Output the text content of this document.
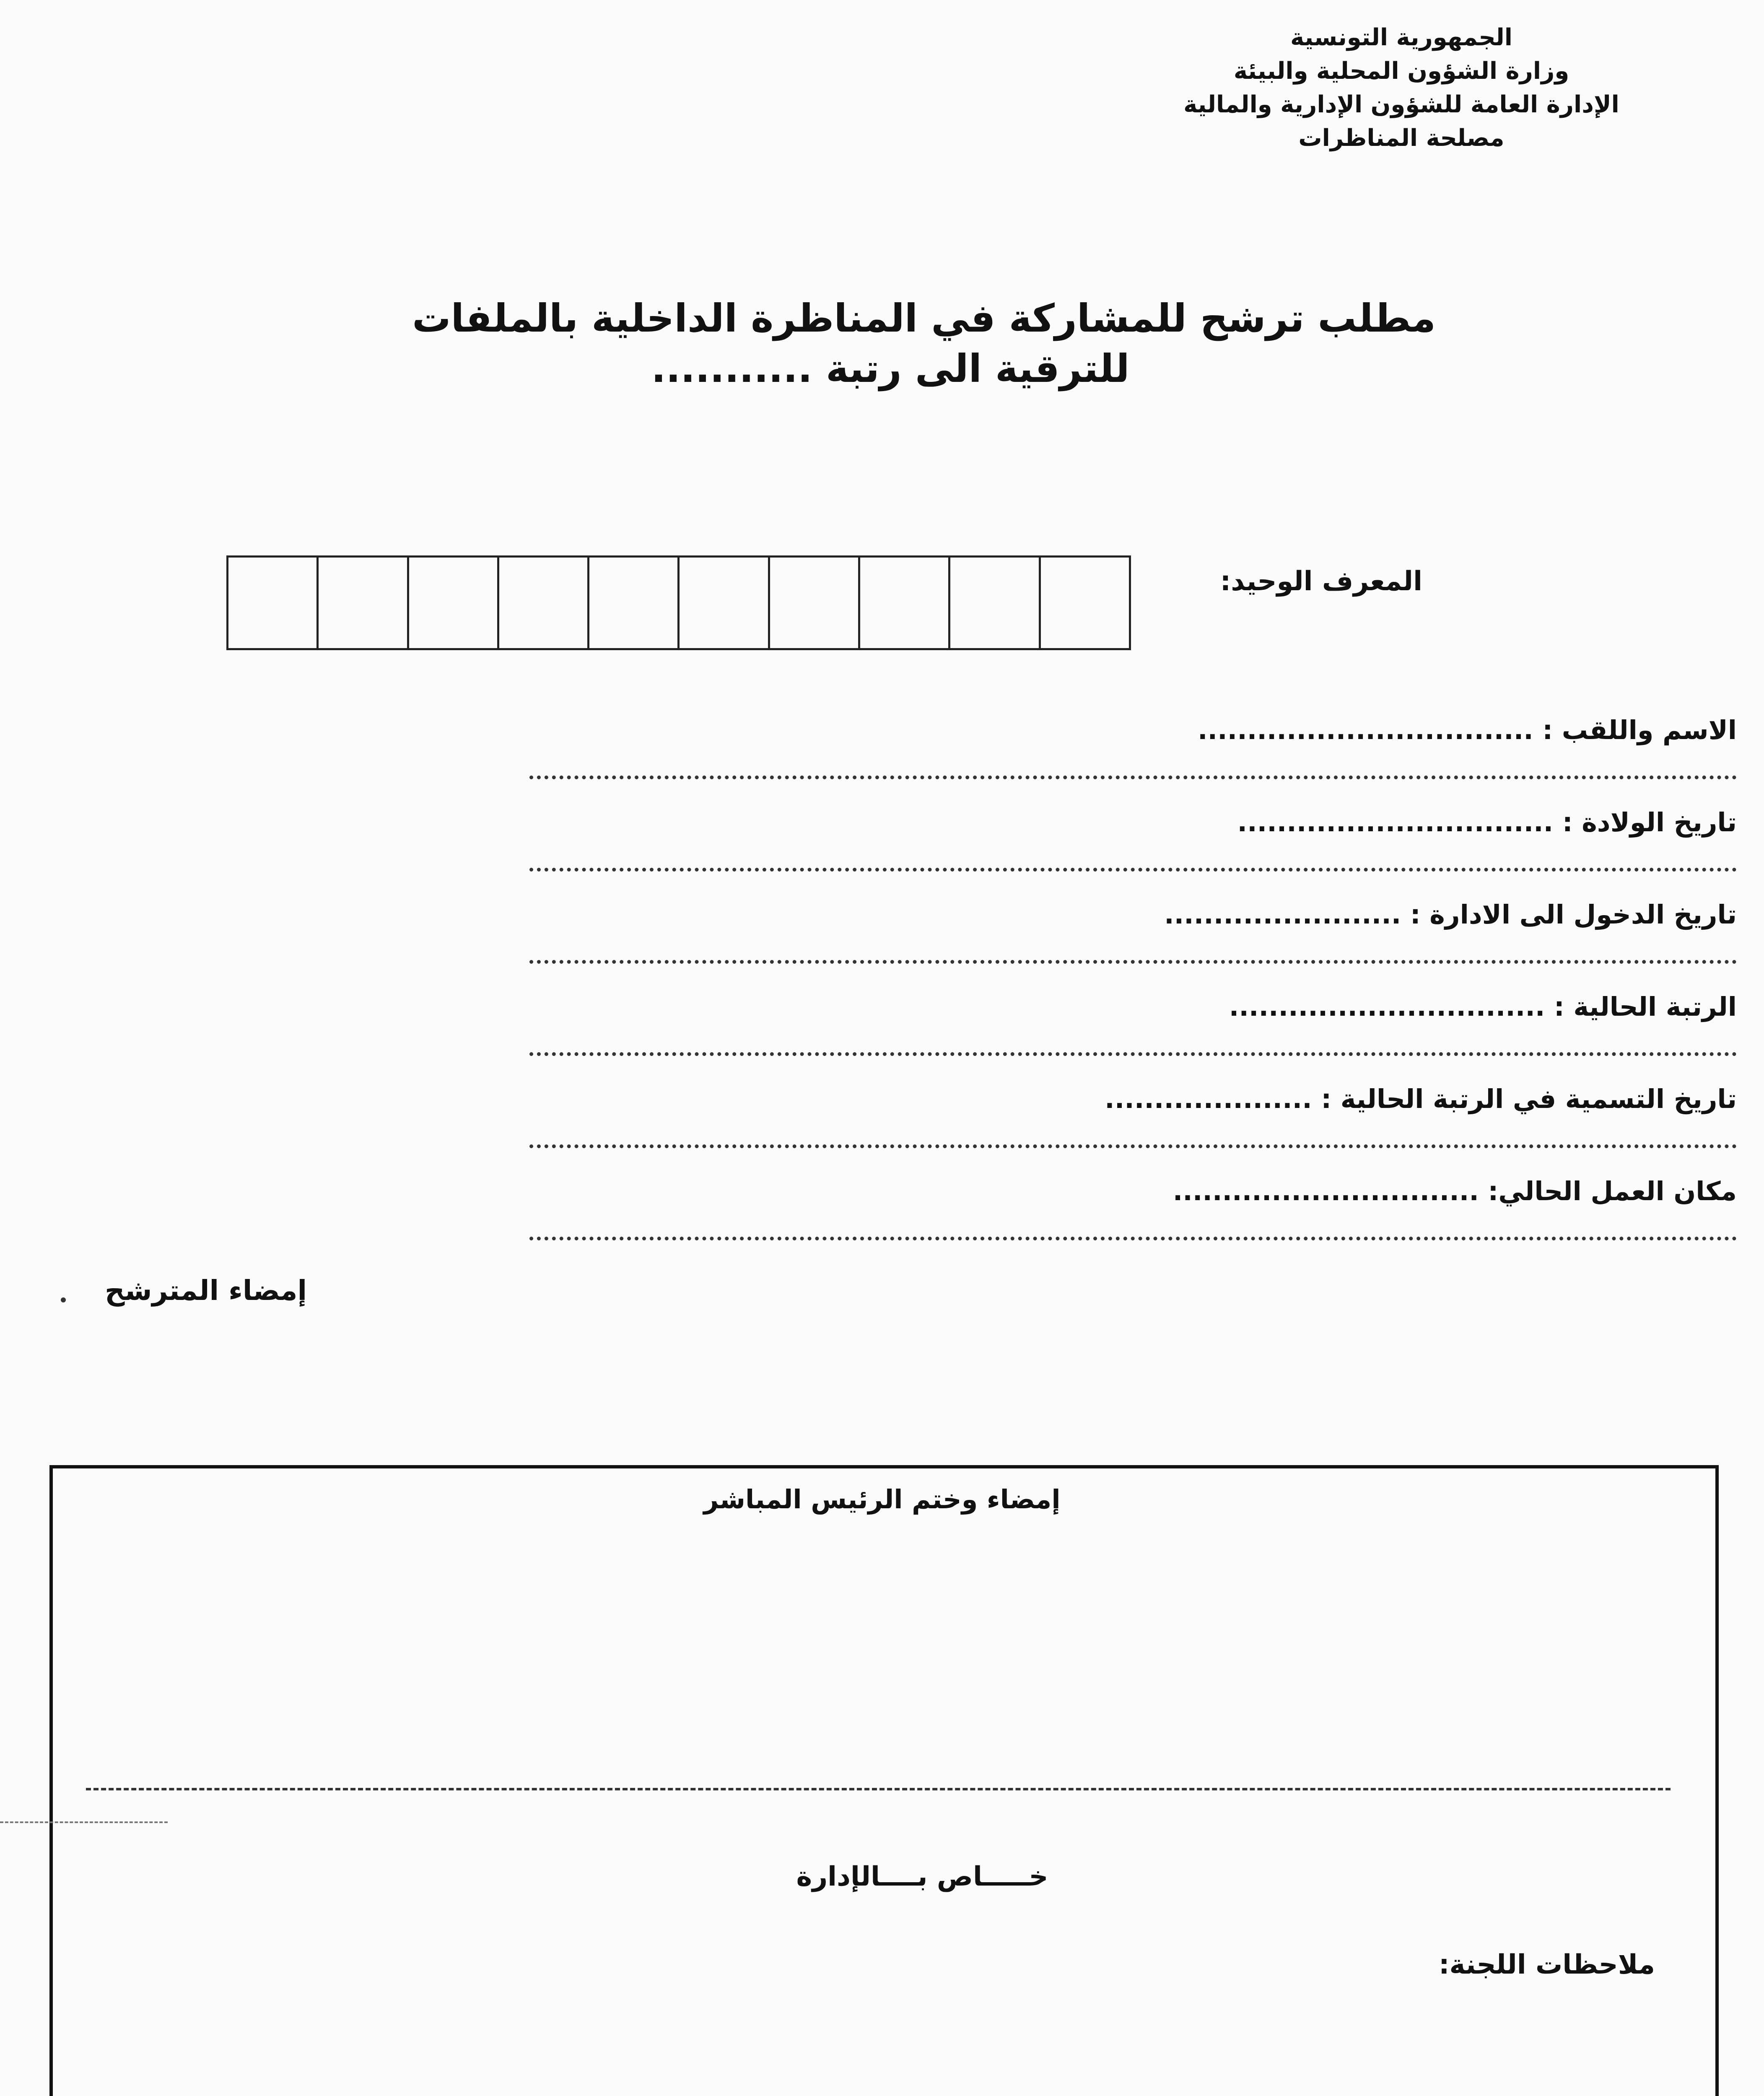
الجمهورية التونسية
وزارة الشؤون المحلية والبيئة
الإدارة العامة للشؤون الإدارية والمالية
مصلحة المناظرات
مطلب ترشح للمشاركة في المناظرة الداخلية بالملفات
للترقية الى رتبة ...........
المعرف الوحيد:
الاسم واللقب : ..................................
تاريخ الولادة : ................................
تاريخ الدخول الى الادارة : ........................
الرتبة الحالية : ................................
تاريخ التسمية في الرتبة الحالية : .....................
مكان العمل الحالي: ...............................
إمضاء المترشح
إمضاء وختم الرئيس المباشر
خـــــاص بــــالإدارة
ملاحظات اللجنة:
